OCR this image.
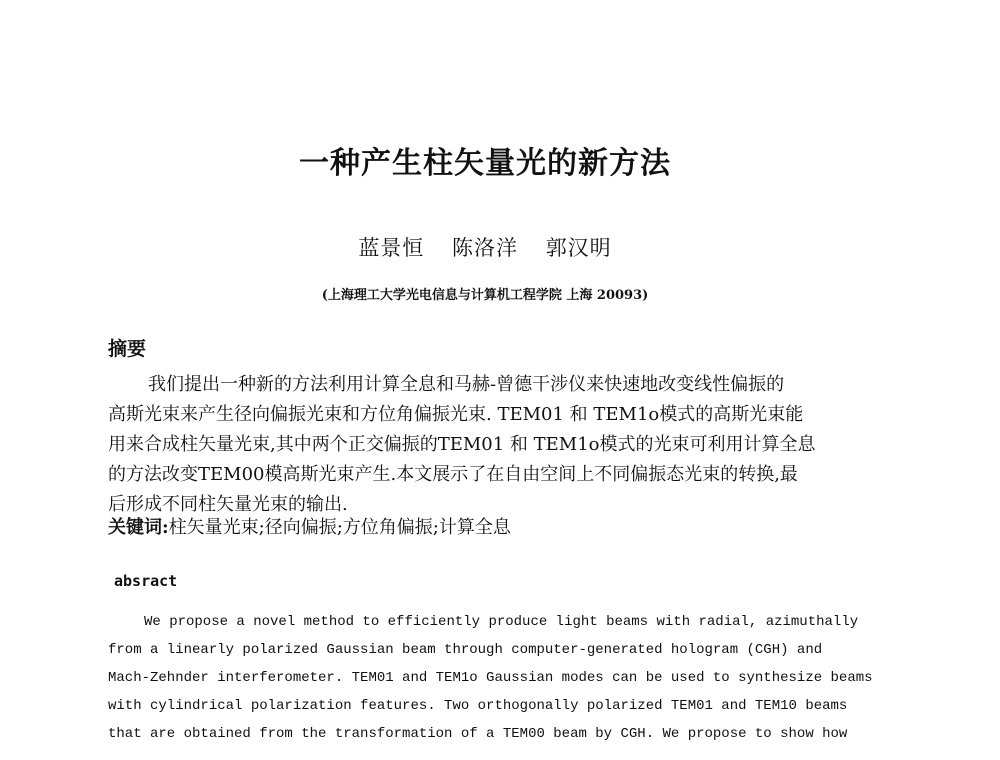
一种产生柱矢量光的新方法
蓝景恒 陈洛洋 郭汉明
(上海理工大学光电信息与计算机工程学院 上海 20093)
摘要
我们提出一种新的方法利用计算全息和马赫-曾德干涉仪来快速地改变线性偏振的
高斯光束来产生径向偏振光束和方位角偏振光束. TEM01 和 TEM1o模式的高斯光束能
用来合成柱矢量光束,其中两个正交偏振的TEM01 和 TEM1o模式的光束可利用计算全息
的方法改变TEM00模高斯光束产生.本文展示了在自由空间上不同偏振态光束的转换,最
后形成不同柱矢量光束的输出.
关键词:柱矢量光束;径向偏振;方位角偏振;计算全息
absract
We propose a novel method to efficiently produce light beams with radial, azimuthally
from a linearly polarized Gaussian beam through computer-generated hologram (CGH) and
Mach-Zehnder interferometer. TEM01 and TEM1o Gaussian modes can be used to synthesize beams
with cylindrical polarization features. Two orthogonally polarized TEM01 and TEM10 beams
that are obtained from the transformation of a TEM00 beam by CGH. We propose to show how
